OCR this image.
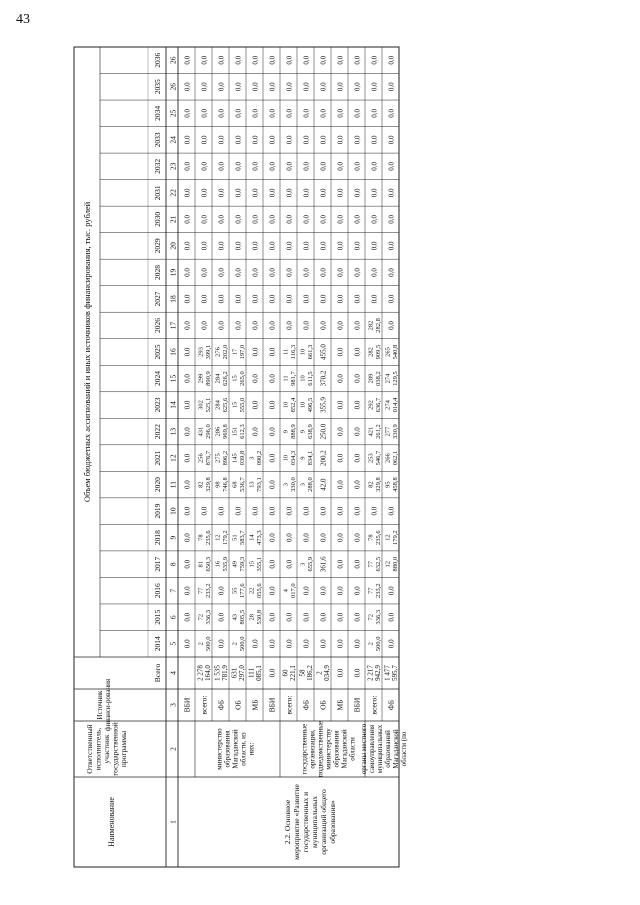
43
Наименование
Ответственный исполнитель, участник государственной программы
Источник финанси-рования
Всего
Объем бюджетных ассигнований и иных источников финансирования, тыс. рублей
2014
2015
2016
2017
2018
2019
2020
2021
2022
2023
2024
2025
2026
2027
2028
2029
2030
2031
2032
2033
2034
2035
2036
1
2
3
4
5
6
7
8
9
10
11
12
13
14
15
16
17
18
19
20
21
22
23
24
25
26
26
ВБИ
0,0
0,0
0,0
0,0
0,0
0,0
0,0
0,0
0,0
0,0
0,0
0,0
0,0
0,0
0,0
0,0
0,0
0,0
0,0
0,0
0,0
0,0
0,0
всего:
2 278 164,0
2 500,0
72 336,3
77 233,2
81 650,3
78 235,6
0,0
82 329,8
256 876,7
431 296,0
302 525,1
299 890,9
293 399,1
0,0
0,0
0,0
0,0
0,0
0,0
0,0
0,0
0,0
0,0
0,0
ФБ
1 535 781,9
0,0
0,0
0,0
16 535,9
12 179,2
0,0
98 746,8
275 896,2
286 969,8
284 625,6
284 626,2
276 202,0
0,0
0,0
0,0
0,0
0,0
0,0
0,0
0,0
0,0
0,0
0,0
ОБ
631 297,0
2 500,0
43 805,5
55 177,6
49 759,3
51 583,7
0,0
68 536,7
145 039,8
151 612,3
15 555,0
15 265,0
17 197,0
0,0
0,0
0,0
0,0
0,0
0,0
0,0
0,0
0,0
0,0
0,0
МБ
111 085,1
0,0
28 530,8
22 055,6
15 355,1
14 473,3
0,0
13 793,1
3 090,2
0,0
0,0
0,0
0,0
0,0
0,0
0,0
0,0
0,0
0,0
0,0
0,0
0,0
0,0
0,0
ВБИ
0,0
0,0
0,0
0,0
0,0
0,0
0,0
0,0
0,0
0,0
0,0
0,0
0,0
0,0
0,0
0,0
0,0
0,0
0,0
0,0
0,0
0,0
0,0
0,0
министерство образования Магаданской области, из них:
всего:
60 221,1
0,0
0,0
4 017,0
0,0
0,0
0,0
3 330,0
10 034,3
9 888,9
10 852,4
11 981,7
11 116,3
0,0
0,0
0,0
0,0
0,0
0,0
0,0
0,0
0,0
0,0
0,0
ФБ
58 186,2
0,0
0,0
0,0
3 655,9
0,0
0,0
3 288,0
9 834,1
9 638,9
10 496,5
10 611,5
10 661,3
0,0
0,0
0,0
0,0
0,0
0,0
0,0
0,0
0,0
0,0
0,0
ОБ
2 034,9
0,0
0,0
0,0
361,6
0,0
0,0
42,0
200,2
250,0
355,9
370,2
455,0
0,0
0,0
0,0
0,0
0,0
0,0
0,0
0,0
0,0
0,0
0,0
МБ
0,0
0,0
0,0
0,0
0,0
0,0
0,0
0,0
0,0
0,0
0,0
0,0
0,0
0,0
0,0
0,0
0,0
0,0
0,0
0,0
0,0
0,0
0,0
0,0
ВБИ
0,0
0,0
0,0
0,0
0,0
0,0
0,0
0,0
0,0
0,0
0,0
0,0
0,0
0,0
0,0
0,0
0,0
0,0
0,0
0,0
0,0
0,0
0,0
0,0
государственные организации, подведомственные министерству образования Магаданской области
всего:
2 217 942,9
2 500,0
72 336,3
77 233,2
77 632,5
78 235,6
0,0
82 329,8
253 546,7
421 261,2
292 636,7
289 038,2
282 909,5
282 282,8
0,0
0,0
0,0
0,0
0,0
0,0
0,0
0,0
0,0
0,0
ФБ
1 477 595,7
0,0
0,0
0,0
12 880,0
12 179,2
0,0
95 458,8
266 062,1
277 330,9
274 014,4
274 129,5
265 540,8
0,0
0,0
0,0
0,0
0,0
0,0
0,0
0,0
0,0
0,0
0,0
органы местного самоуправления муниципальных образований Магаданской области (по
2.2. Основное мероприятие «Развитие государственных и муниципальных организаций общего образования»
